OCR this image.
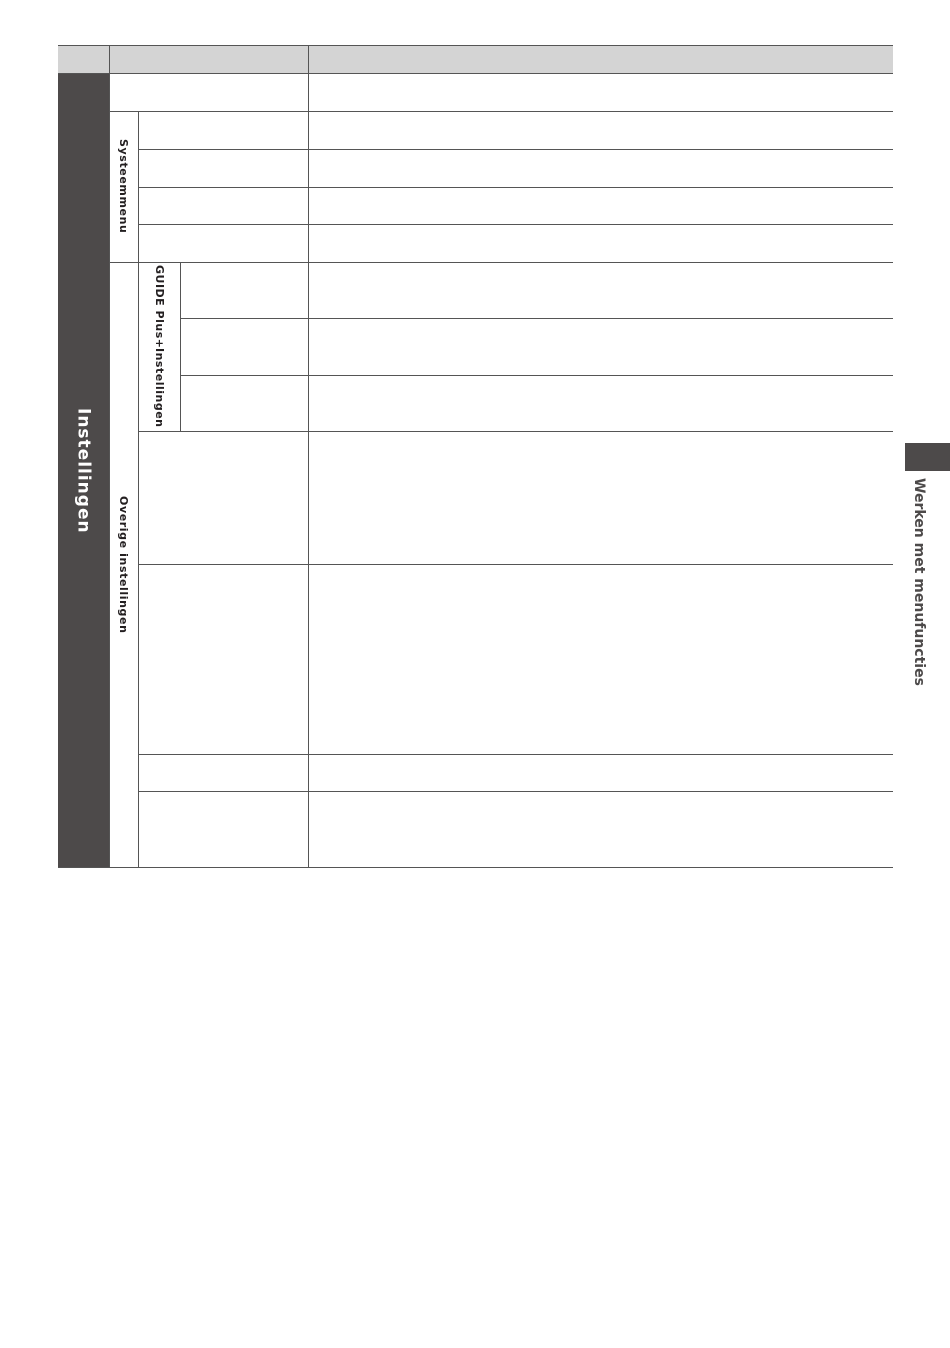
Instellingen
Systeemmenu
Overige instellingen
GUIDE Plus+
Instellingen
Werken met menufuncties
